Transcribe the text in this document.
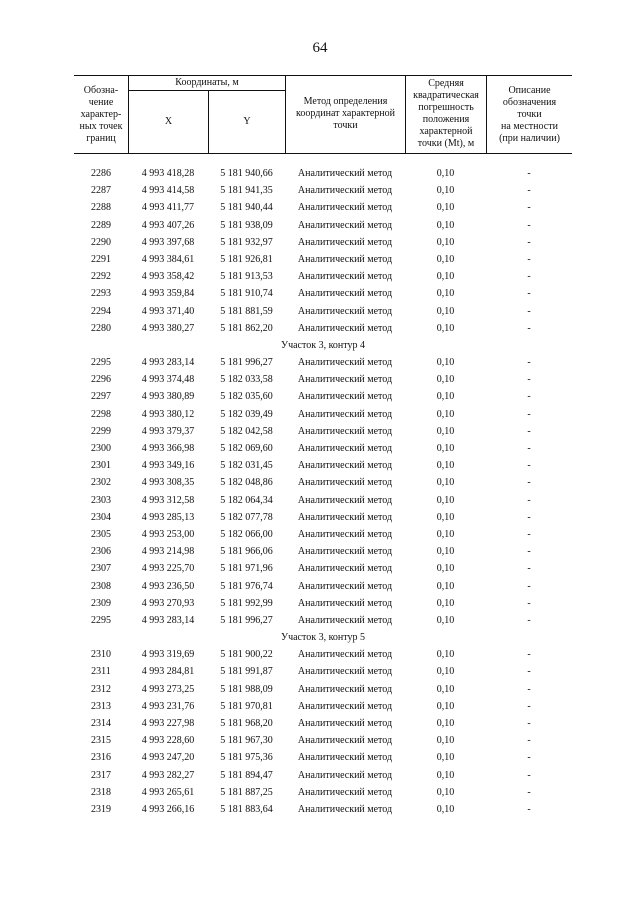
64
Обозна-
чение
характер-
ных точек
границ
Координаты, м
X	Y
Метод определения
координат характерной
точки
Средняя
квадратическая
погрешность
положения
характерной
точки (Mt), м
Описание
обозначения
точки
на местности
(при наличии)
2286	4 993 418,28	5 181 940,66	Аналитический метод	0,10	-
2287	4 993 414,58	5 181 941,35	Аналитический метод	0,10	-
2288	4 993 411,77	5 181 940,44	Аналитический метод	0,10	-
2289	4 993 407,26	5 181 938,09	Аналитический метод	0,10	-
2290	4 993 397,68	5 181 932,97	Аналитический метод	0,10	-
2291	4 993 384,61	5 181 926,81	Аналитический метод	0,10	-
2292	4 993 358,42	5 181 913,53	Аналитический метод	0,10	-
2293	4 993 359,84	5 181 910,74	Аналитический метод	0,10	-
2294	4 993 371,40	5 181 881,59	Аналитический метод	0,10	-
2280	4 993 380,27	5 181 862,20	Аналитический метод	0,10	-
Участок 3, контур 4
2295	4 993 283,14	5 181 996,27	Аналитический метод	0,10	-
2296	4 993 374,48	5 182 033,58	Аналитический метод	0,10	-
2297	4 993 380,89	5 182 035,60	Аналитический метод	0,10	-
2298	4 993 380,12	5 182 039,49	Аналитический метод	0,10	-
2299	4 993 379,37	5 182 042,58	Аналитический метод	0,10	-
2300	4 993 366,98	5 182 069,60	Аналитический метод	0,10	-
2301	4 993 349,16	5 182 031,45	Аналитический метод	0,10	-
2302	4 993 308,35	5 182 048,86	Аналитический метод	0,10	-
2303	4 993 312,58	5 182 064,34	Аналитический метод	0,10	-
2304	4 993 285,13	5 182 077,78	Аналитический метод	0,10	-
2305	4 993 253,00	5 182 066,00	Аналитический метод	0,10	-
2306	4 993 214,98	5 181 966,06	Аналитический метод	0,10	-
2307	4 993 225,70	5 181 971,96	Аналитический метод	0,10	-
2308	4 993 236,50	5 181 976,74	Аналитический метод	0,10	-
2309	4 993 270,93	5 181 992,99	Аналитический метод	0,10	-
2295	4 993 283,14	5 181 996,27	Аналитический метод	0,10	-
Участок 3, контур 5
2310	4 993 319,69	5 181 900,22	Аналитический метод	0,10	-
2311	4 993 284,81	5 181 991,87	Аналитический метод	0,10	-
2312	4 993 273,25	5 181 988,09	Аналитический метод	0,10	-
2313	4 993 231,76	5 181 970,81	Аналитический метод	0,10	-
2314	4 993 227,98	5 181 968,20	Аналитический метод	0,10	-
2315	4 993 228,60	5 181 967,30	Аналитический метод	0,10	-
2316	4 993 247,20	5 181 975,36	Аналитический метод	0,10	-
2317	4 993 282,27	5 181 894,47	Аналитический метод	0,10	-
2318	4 993 265,61	5 181 887,25	Аналитический метод	0,10	-
2319	4 993 266,16	5 181 883,64	Аналитический метод	0,10	-
